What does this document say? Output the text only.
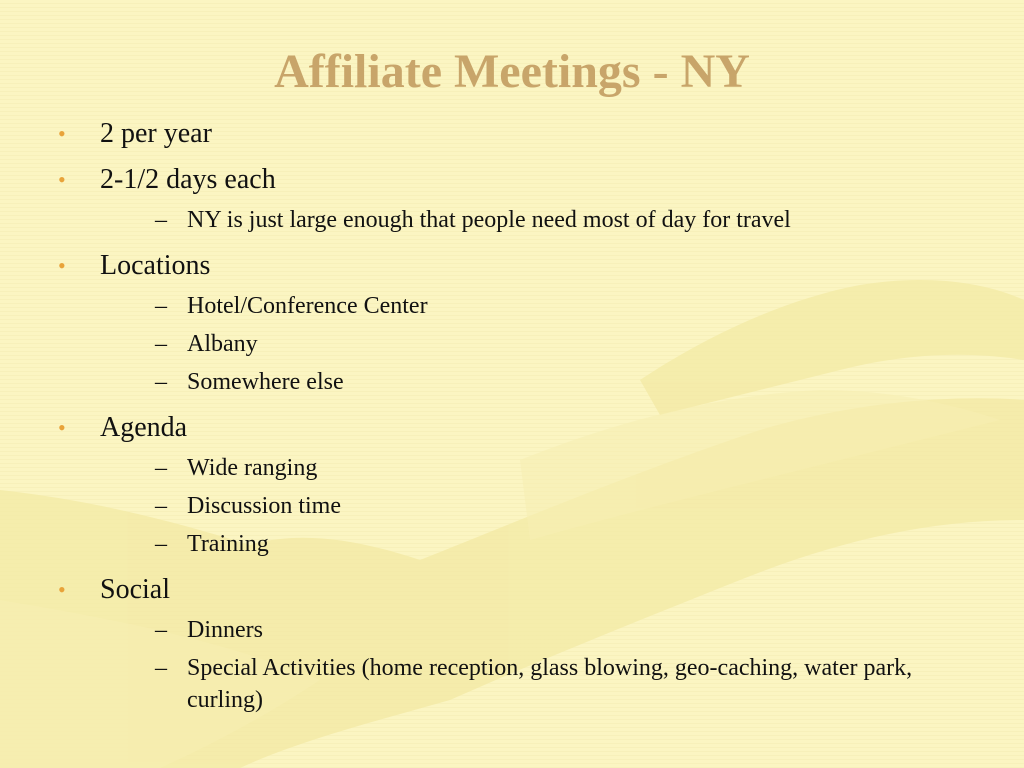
Affiliate Meetings - NY
•	2 per year
•	2-1/2 days each
– NY is just large enough that people need most of day for travel
•	Locations
– Hotel/Conference Center
– Albany
– Somewhere else
•	Agenda
– Wide ranging
– Discussion time
– Training
•	Social
– Dinners
– Special Activities (home reception, glass blowing, geo-caching, water park, curling)
